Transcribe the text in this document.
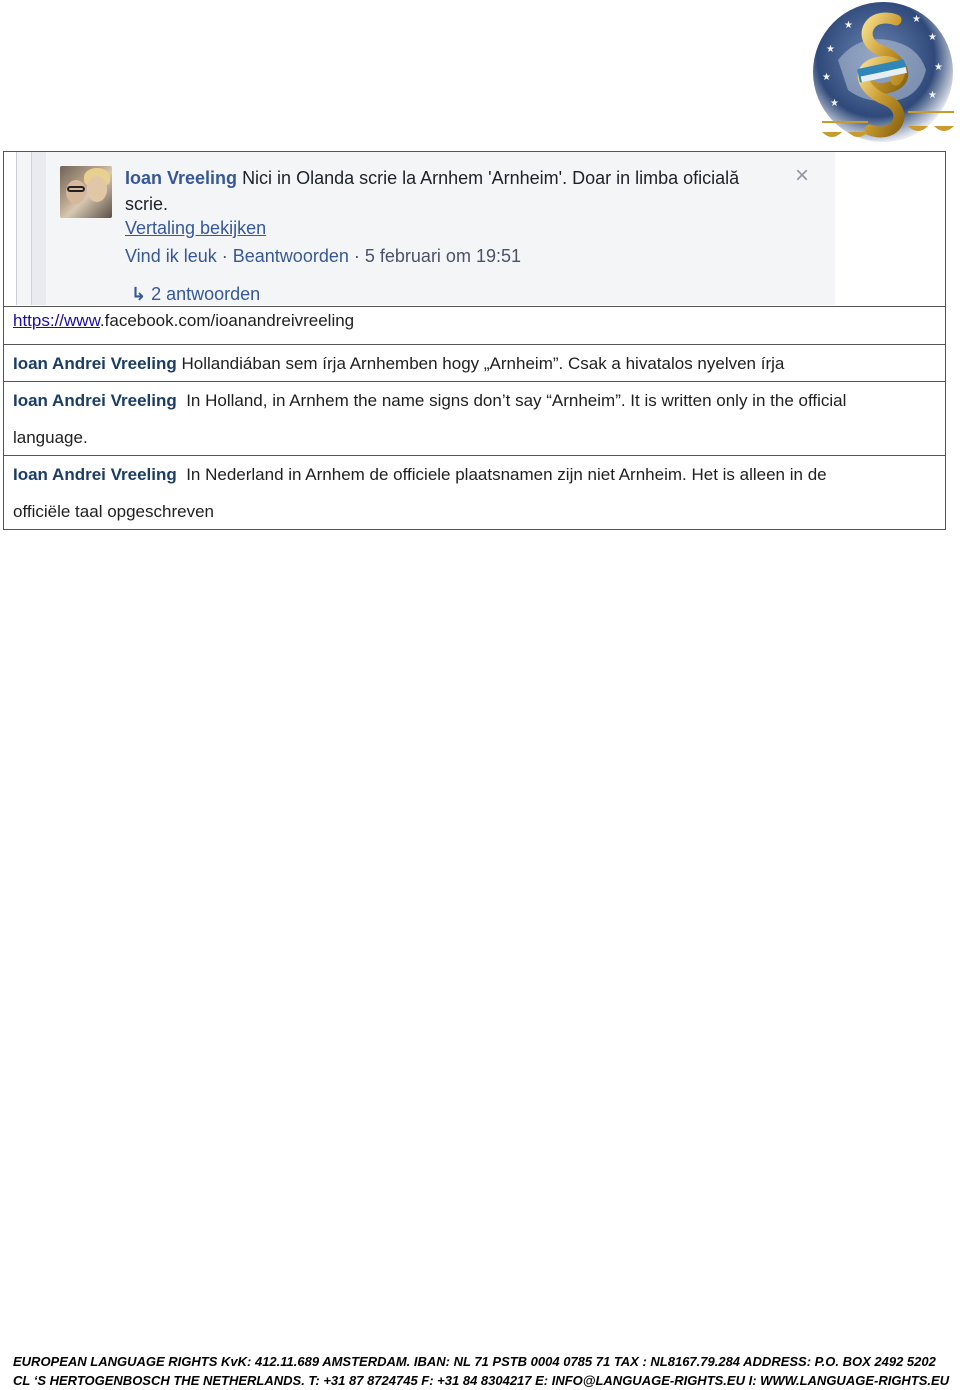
★
★
★
★
★
★
★
★
Ioan Vreeling Nici in Olanda scrie la Arnhem 'Arnheim'. Doar in limba oficială
scrie.
Vertaling bekijken
Vind ik leuk · Beantwoorden · 5 februari om 19:51
↳ 2 antwoorden
×
https://www.facebook.com/ioanandreivreeling
Ioan Andrei Vreeling Hollandiában sem írja Arnhemben hogy „Arnheim”. Csak a hivatalos nyelven írja
Ioan Andrei Vreeling In Holland, in Arnhem the name signs don’t say “Arnheim”. It is written only in the official
language.
Ioan Andrei Vreeling In Nederland in Arnhem de officiele plaatsnamen zijn niet Arnheim. Het is alleen in de
officiële taal opgeschreven
EUROPEAN LANGUAGE RIGHTS KvK: 412.11.689 AMSTERDAM. IBAN: NL 71 PSTB 0004 0785 71 TAX : NL8167.79.284 ADDRESS: P.O. BOX 2492 5202
CL ‘S HERTOGENBOSCH THE NETHERLANDS. T: +31 87 8724745 F: +31 84 8304217 E: INFO@LANGUAGE-RIGHTS.EU I: WWW.LANGUAGE-RIGHTS.EU
